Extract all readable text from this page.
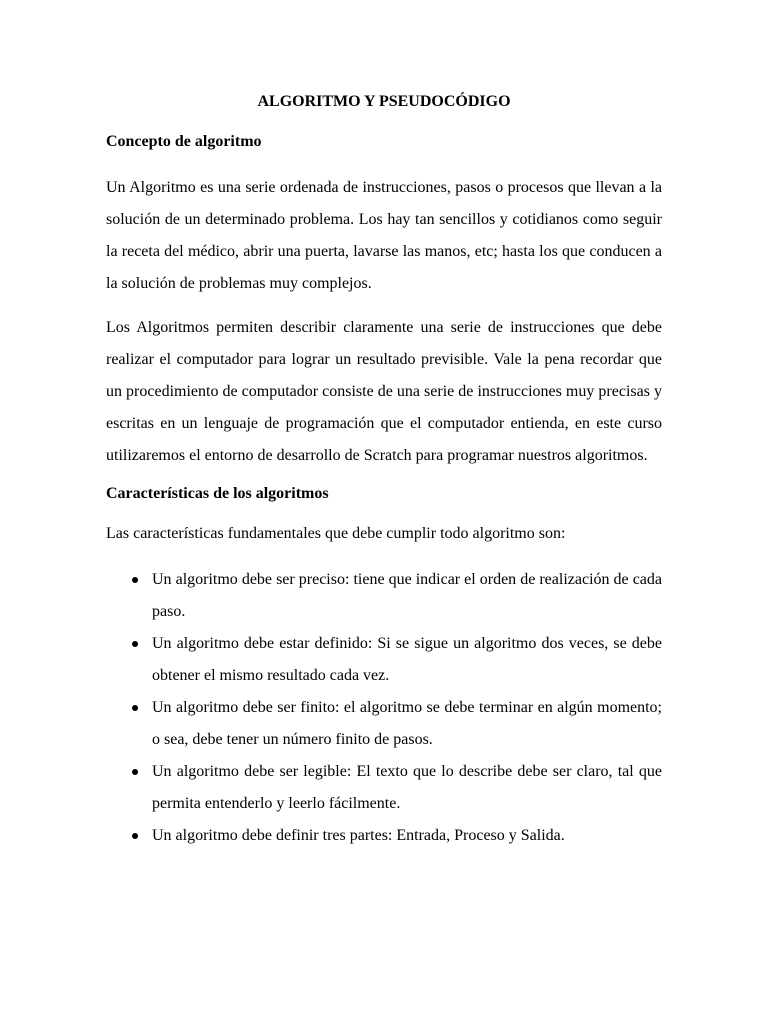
ALGORITMO Y PSEUDOCÓDIGO
Concepto de algoritmo

Un Algoritmo es una serie ordenada de instrucciones, pasos o procesos que llevan a la solución de un determinado problema. Los hay tan sencillos y cotidianos como seguir la receta del médico, abrir una puerta, lavarse las manos, etc; hasta los que conducen a la solución de problemas muy complejos.

Los Algoritmos permiten describir claramente una serie de instrucciones que debe realizar el computador para lograr un resultado previsible. Vale la pena recordar que un procedimiento de computador consiste de una serie de instrucciones muy precisas y escritas en un lenguaje de programación que el computador entienda, en este curso utilizaremos el entorno de desarrollo de Scratch para programar nuestros algoritmos.

Características de los algoritmos

Las características fundamentales que debe cumplir todo algoritmo son:

Un algoritmo debe ser preciso: tiene que indicar el orden de realización de cada paso.
Un algoritmo debe estar definido: Si se sigue un algoritmo dos veces, se debe obtener el mismo resultado cada vez.
Un algoritmo debe ser finito: el algoritmo se debe terminar en algún momento; o sea, debe tener un número finito de pasos.
Un algoritmo debe ser legible: El texto que lo describe debe ser claro, tal que permita entenderlo y leerlo fácilmente.
Un algoritmo debe definir tres partes: Entrada, Proceso y Salida.
